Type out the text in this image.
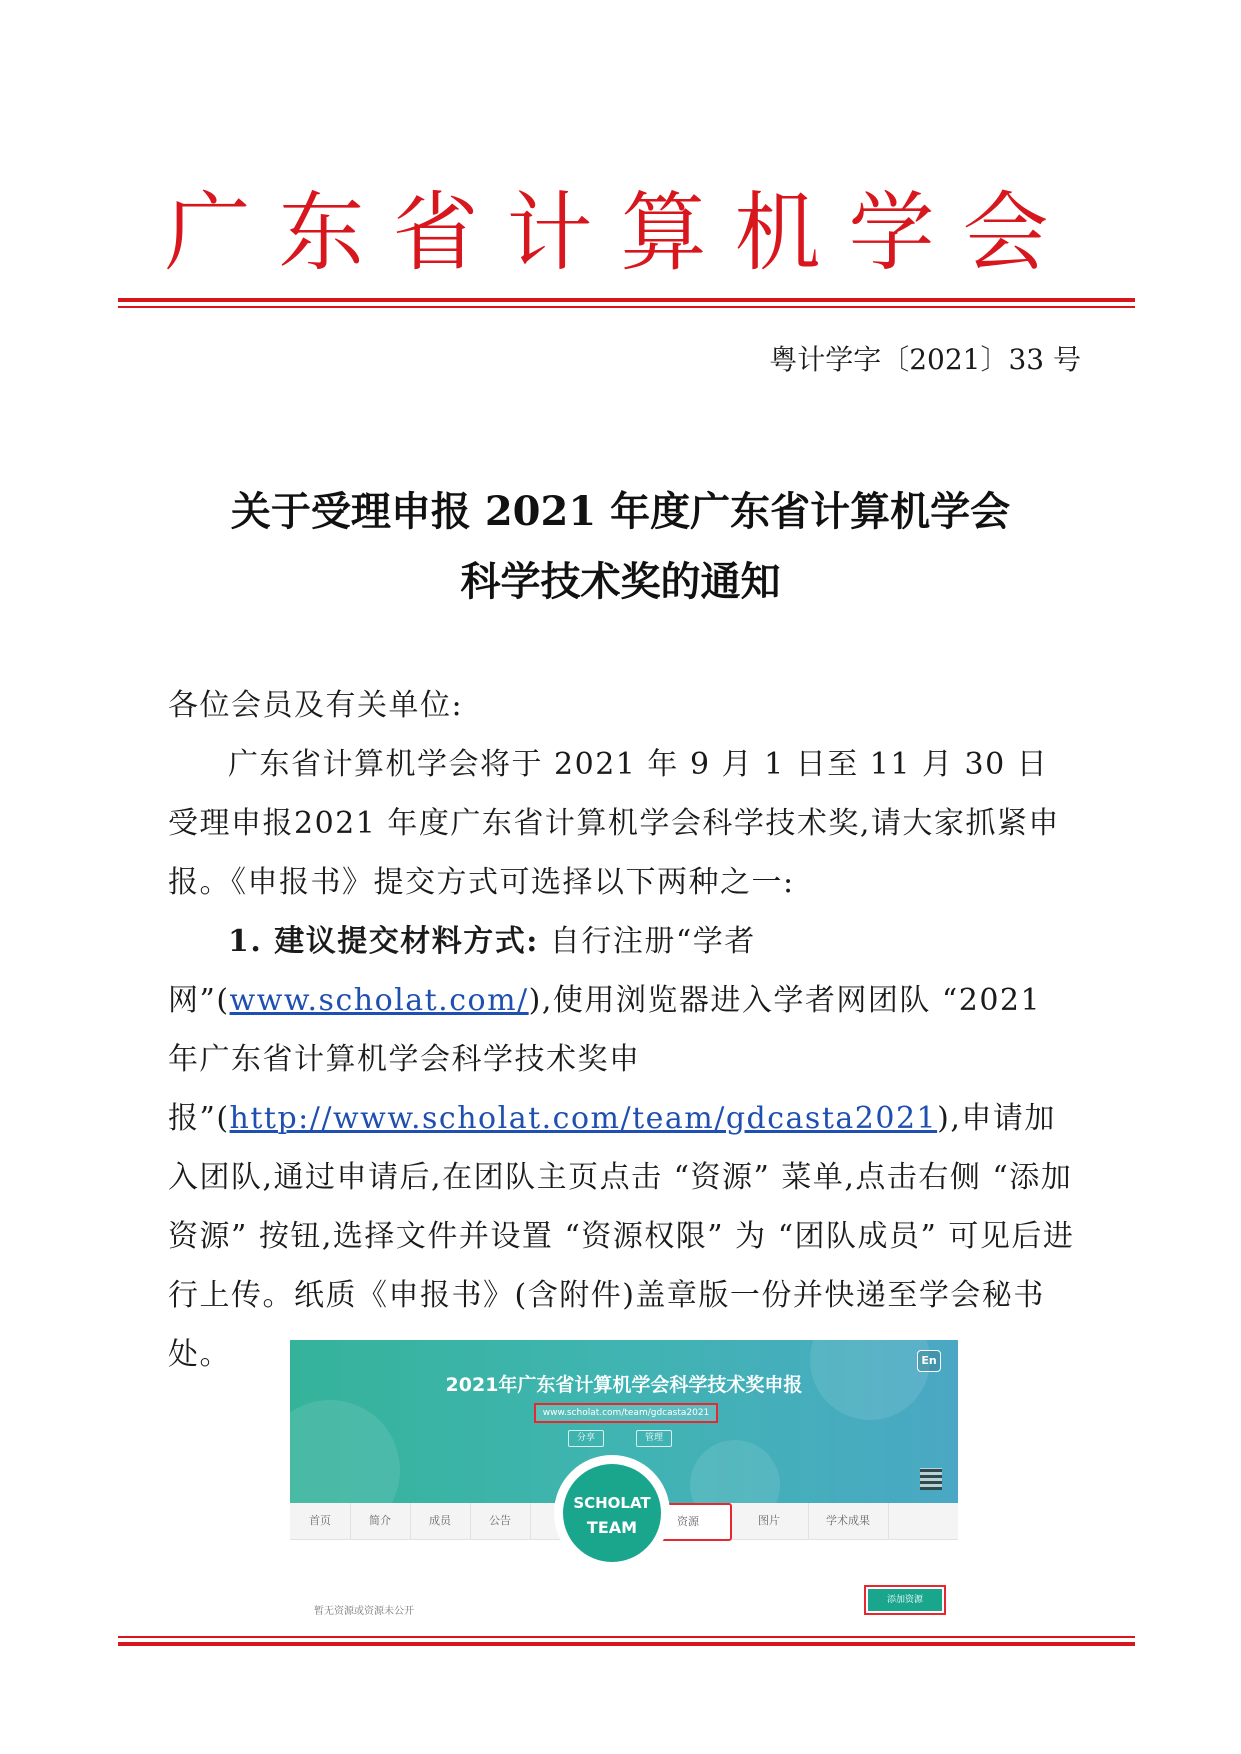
广东省计算机学会
粤计学字〔2021〕33 号
关于受理申报 2021 年度广东省计算机学会
科学技术奖的通知
各位会员及有关单位:
广东省计算机学会将于 2021 年 9 月 1 日至 11 月 30 日受理申报2021 年度广东省计算机学会科学技术奖,请大家抓紧申报。《申报书》提交方式可选择以下两种之一:
1. 建议提交材料方式: 自行注册“学者网”(www.scholat.com/),使用浏览器进入学者网团队 “2021 年广东省计算机学会科学技术奖申报”(http://www.scholat.com/team/gdcasta2021),申请加入团队,通过申请后,在团队主页点击 “资源” 菜单,点击右侧 “添加资源” 按钮,选择文件并设置 “资源权限” 为 “团队成员” 可见后进行上传。纸质《申报书》(含附件)盖章版一份并快递至学会秘书处。
2021年广东省计算机学会科学技术奖申报
www.scholat.com/team/gdcasta2021
分享	管理
En
首页	简介	成员	公告	资源	图片	学术成果
SCHOLAT
TEAM
暂无资源或资源未公开
添加资源
